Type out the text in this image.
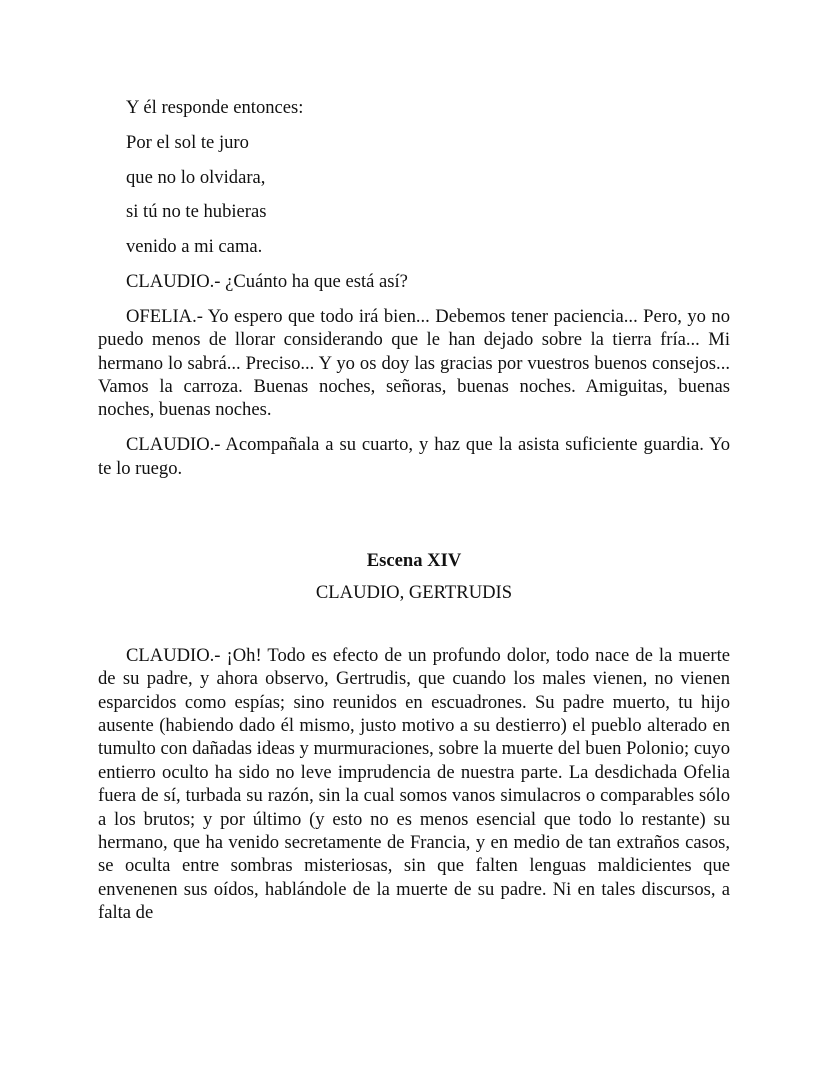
Y él responde entonces:

Por el sol te juro

que no lo olvidara,

si tú no te hubieras

venido a mi cama.

CLAUDIO.- ¿Cuánto ha que está así?

OFELIA.- Yo espero que todo irá bien... Debemos tener paciencia... Pero, yo no puedo menos de llorar considerando que le han dejado sobre la tierra fría... Mi hermano lo sabrá... Preciso... Y yo os doy las gracias por vuestros buenos consejos... Vamos la carroza. Buenas noches, señoras, buenas noches. Amiguitas, buenas noches, buenas noches.

CLAUDIO.- Acompañala a su cuarto, y haz que la asista suficiente guardia. Yo te lo ruego.

Escena XIV

CLAUDIO, GERTRUDIS

CLAUDIO.- ¡Oh! Todo es efecto de un profundo dolor, todo nace de la muerte de su padre, y ahora observo, Gertrudis, que cuando los males vienen, no vienen esparcidos como espías; sino reunidos en escuadrones. Su padre muerto, tu hijo ausente (habiendo dado él mismo, justo motivo a su destierro) el pueblo alterado en tumulto con dañadas ideas y murmuraciones, sobre la muerte del buen Polonio; cuyo entierro oculto ha sido no leve imprudencia de nuestra parte. La desdichada Ofelia fuera de sí, turbada su razón, sin la cual somos vanos simulacros o comparables sólo a los brutos; y por último (y esto no es menos esencial que todo lo restante) su hermano, que ha venido secretamente de Francia, y en medio de tan extraños casos, se oculta entre sombras misteriosas, sin que falten lenguas maldicientes que envenenen sus oídos, hablándole de la muerte de su padre. Ni en tales discursos, a falta de
